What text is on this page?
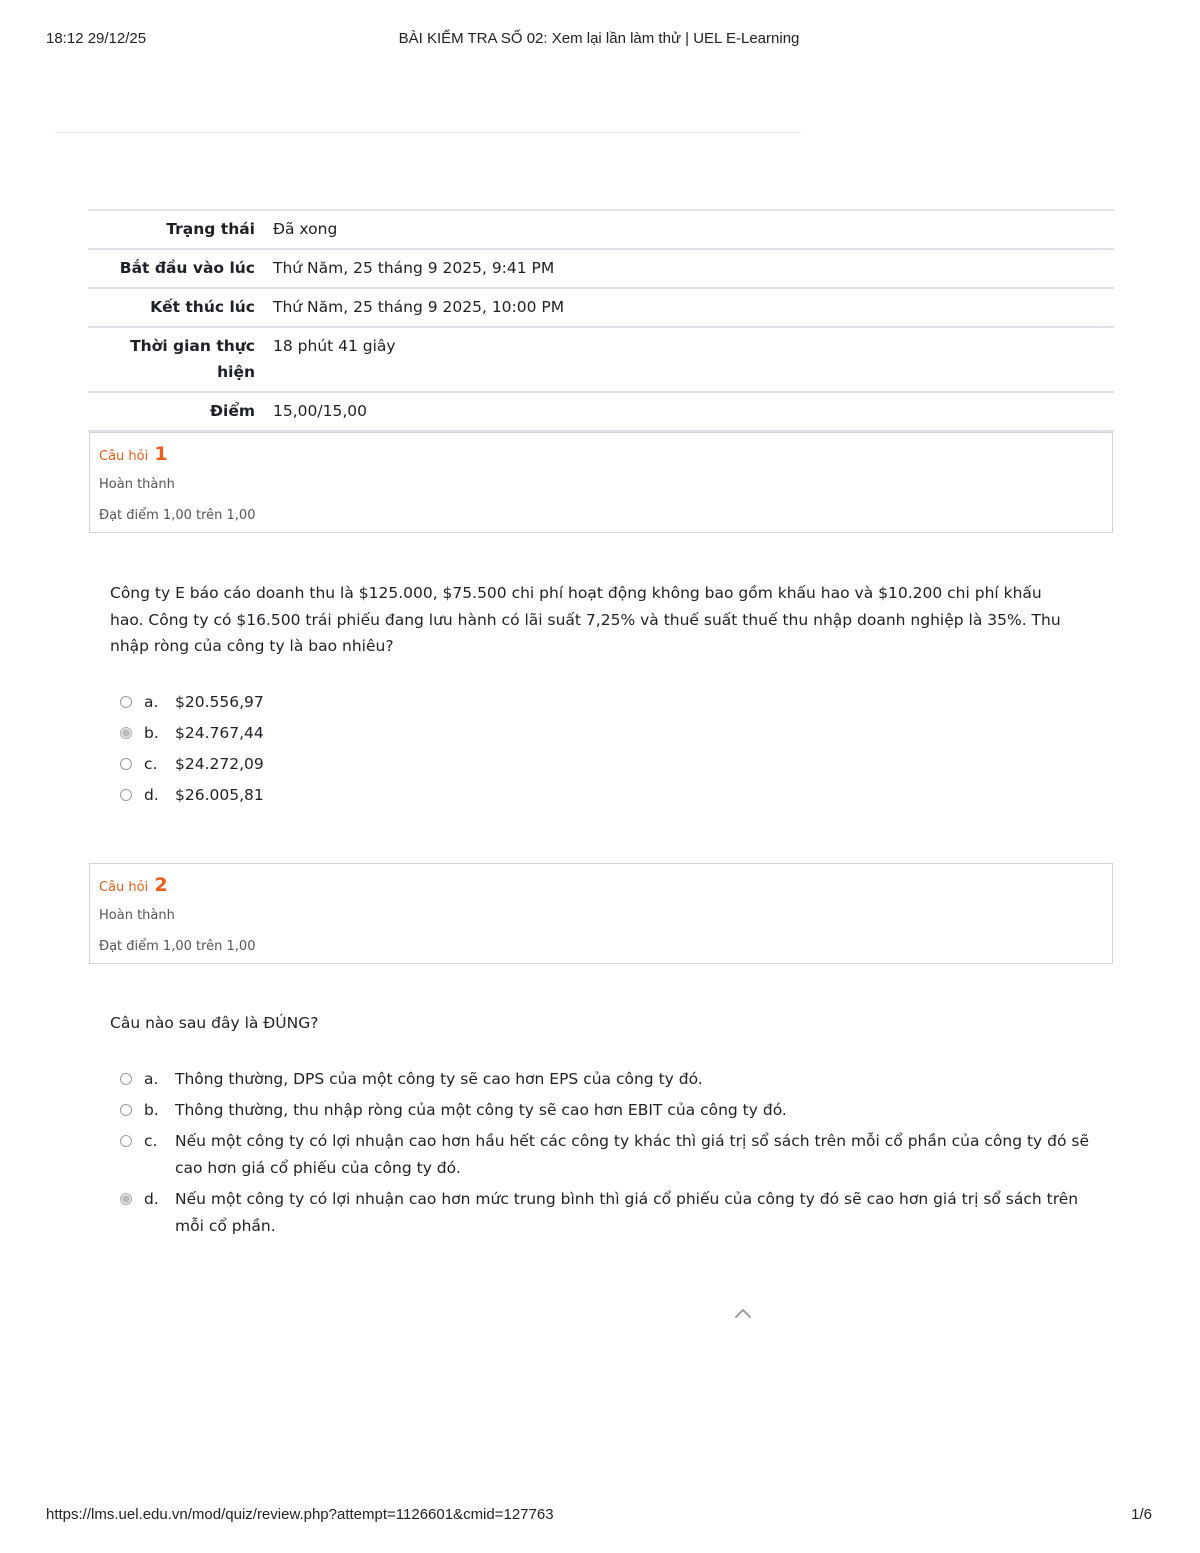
18:12 29/12/25	BÀI KIỂM TRA SỐ 02: Xem lại lần làm thử | UEL E-Learning
Trạng thái	Đã xong
Bắt đầu vào lúc	Thứ Năm, 25 tháng 9 2025, 9:41 PM
Kết thúc lúc	Thứ Năm, 25 tháng 9 2025, 10:00 PM
Thời gian thực hiện	18 phút 41 giây
Điểm	15,00/15,00

Câu hỏi 1
Hoàn thành
Đạt điểm 1,00 trên 1,00
Công ty E báo cáo doanh thu là $125.000, $75.500 chi phí hoạt động không bao gồm khấu hao và $10.200 chi phí khấu hao. Công ty có $16.500 trái phiếu đang lưu hành có lãi suất 7,25% và thuế suất thuế thu nhập doanh nghiệp là 35%. Thu nhập ròng của công ty là bao nhiêu?
a. $20.556,97
b. $24.767,44
c. $24.272,09
d. $26.005,81
Câu hỏi 2
Hoàn thành
Đạt điểm 1,00 trên 1,00
Câu nào sau đây là ĐÚNG?
a. Thông thường, DPS của một công ty sẽ cao hơn EPS của công ty đó.
b. Thông thường, thu nhập ròng của một công ty sẽ cao hơn EBIT của công ty đó.
c. Nếu một công ty có lợi nhuận cao hơn hầu hết các công ty khác thì giá trị sổ sách trên mỗi cổ phần của công ty đó sẽ cao hơn giá cổ phiếu của công ty đó.
d. Nếu một công ty có lợi nhuận cao hơn mức trung bình thì giá cổ phiếu của công ty đó sẽ cao hơn giá trị sổ sách trên mỗi cổ phần.
https://lms.uel.edu.vn/mod/quiz/review.php?attempt=1126601&cmid=127763	1/6
